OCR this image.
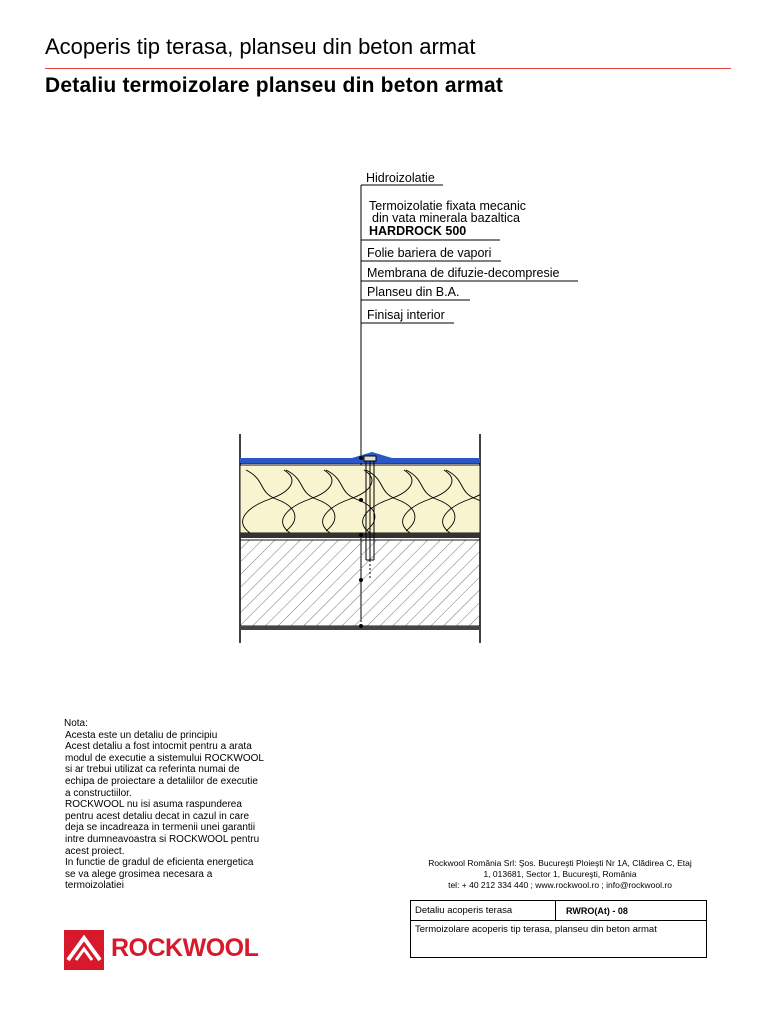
Acoperis tip terasa, planseu din beton armat
Detaliu termoizolare planseu din beton armat
Hidroizolatie
Termoizolatie fixata mecanic
din vata minerala bazaltica
HARDROCK 500
Folie bariera de vapori
Membrana de difuzie-decompresie
Planseu din B.A.
Finisaj interior
Nota:
Acesta este un detaliu de principiu
Acest detaliu a fost intocmit pentru a arata
modul de executie a sistemului ROCKWOOL
si ar trebui utilizat ca referinta numai de
echipa de proiectare a detaliilor de executie
a constructiilor.
ROCKWOOL nu isi asuma raspunderea
pentru acest detaliu decat in cazul in care
deja se incadreaza in termenii unei garantii
intre dumneavoastra si ROCKWOOL pentru
acest proiect.
In functie de gradul de eficienta energetica
se va alege grosimea necesara a
termoizolatiei
Rockwool România Srl: Şos. Bucureşti Ploieşti Nr 1A, Clădirea C, Etaj
1, 013681, Sector 1, Bucureşti, România
tel: + 40 212 334 440 ; www.rockwool.ro ; info@rockwool.ro
Detaliu acoperis terasa	RWRO(At) - 08
Termoizolare acoperis tip terasa, planseu din beton armat
ROCKWOOL
